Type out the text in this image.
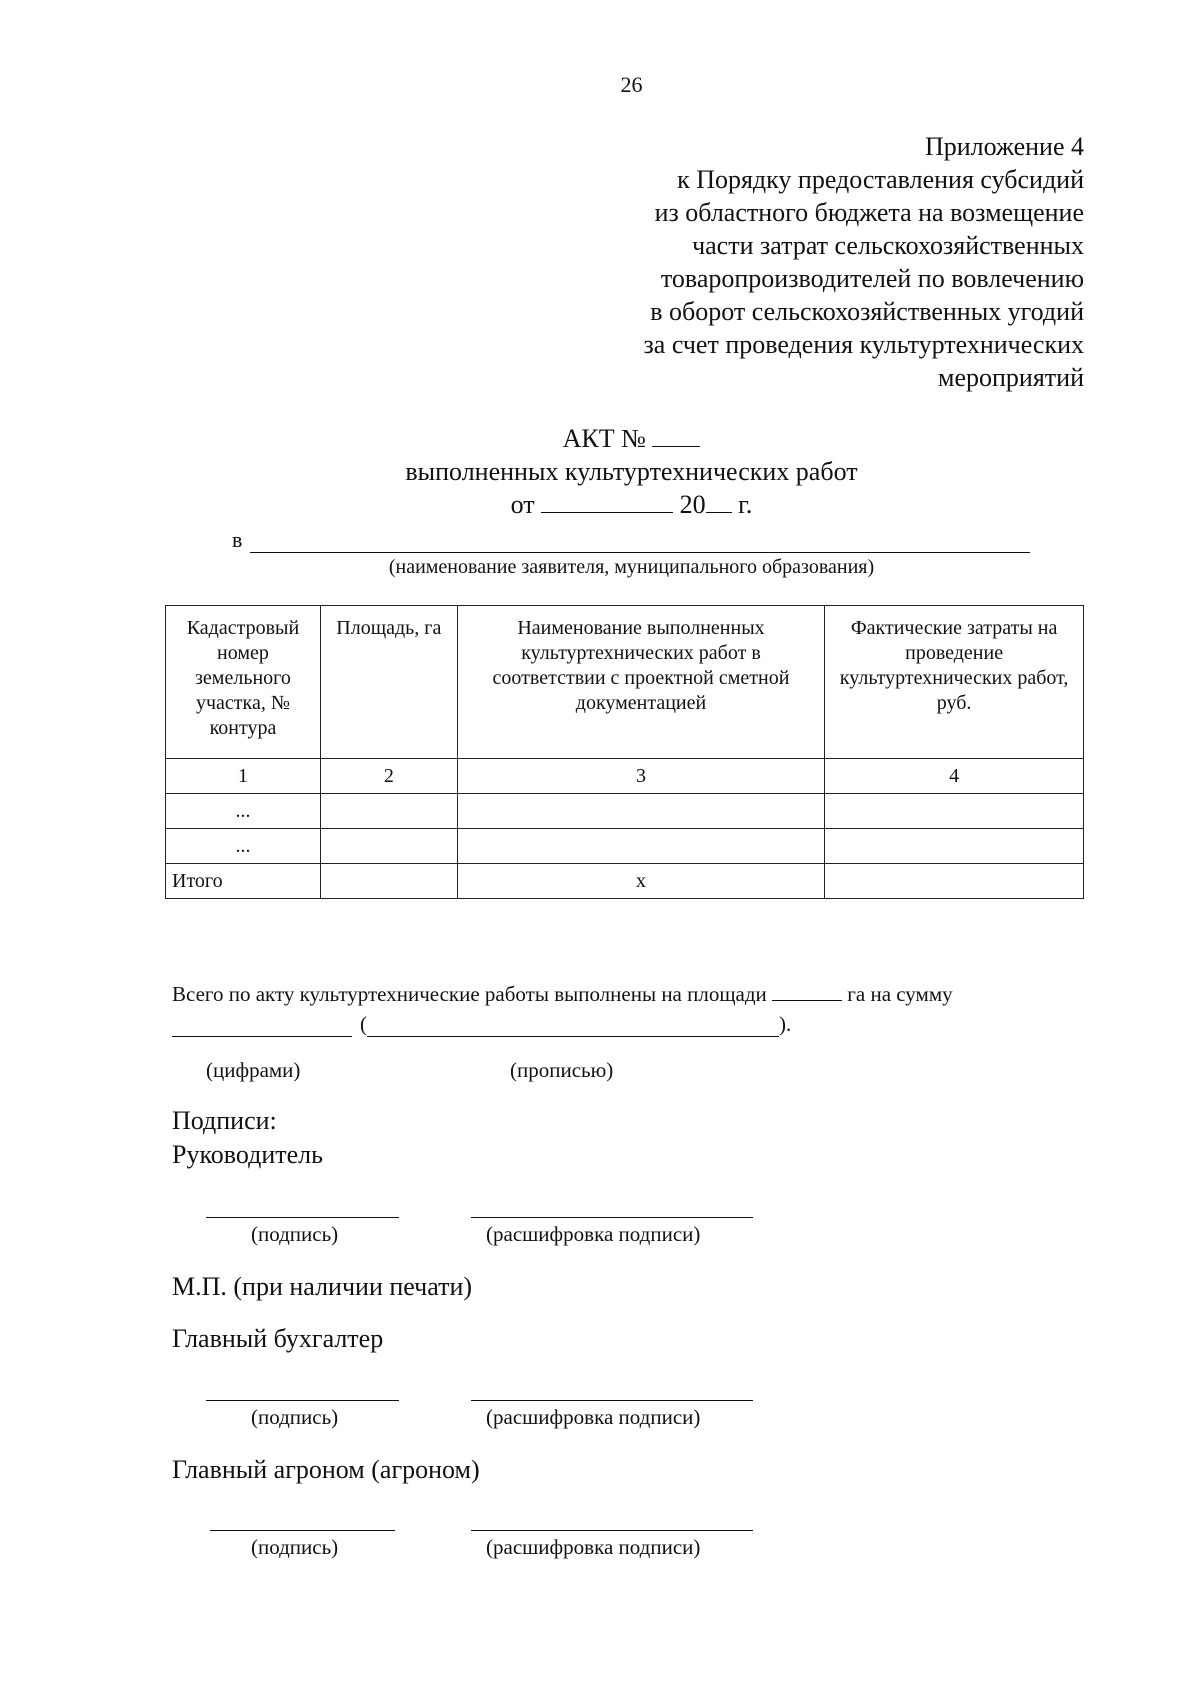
26
Приложение 4
к Порядку предоставления субсидий
из областного бюджета на возмещение
части затрат сельскохозяйственных
товаропроизводителей по вовлечению
в оборот сельскохозяйственных угодий
за счет проведения культуртехнических
мероприятий
АКТ №
выполненных культуртехнических работ
от	20 г.
в
(наименование заявителя, муниципального образования)
Кадастровый номер земельного участка, № контура	Площадь, га	Наименование выполненных культуртехнических работ в соответствии с проектной сметной документацией	Фактические затраты на проведение культуртехнических работ, руб.
1	2	3	4
...			
...			
Итого		х	
Всего по акту культуртехнические работы выполнены на площади	га на сумму
(	).
(цифрами)	(прописью)
Подписи:
Руководитель
(подпись)	(расшифровка подписи)
М.П. (при наличии печати)
Главный бухгалтер
(подпись)	(расшифровка подписи)
Главный агроном (агроном)
(подпись)	(расшифровка подписи)
